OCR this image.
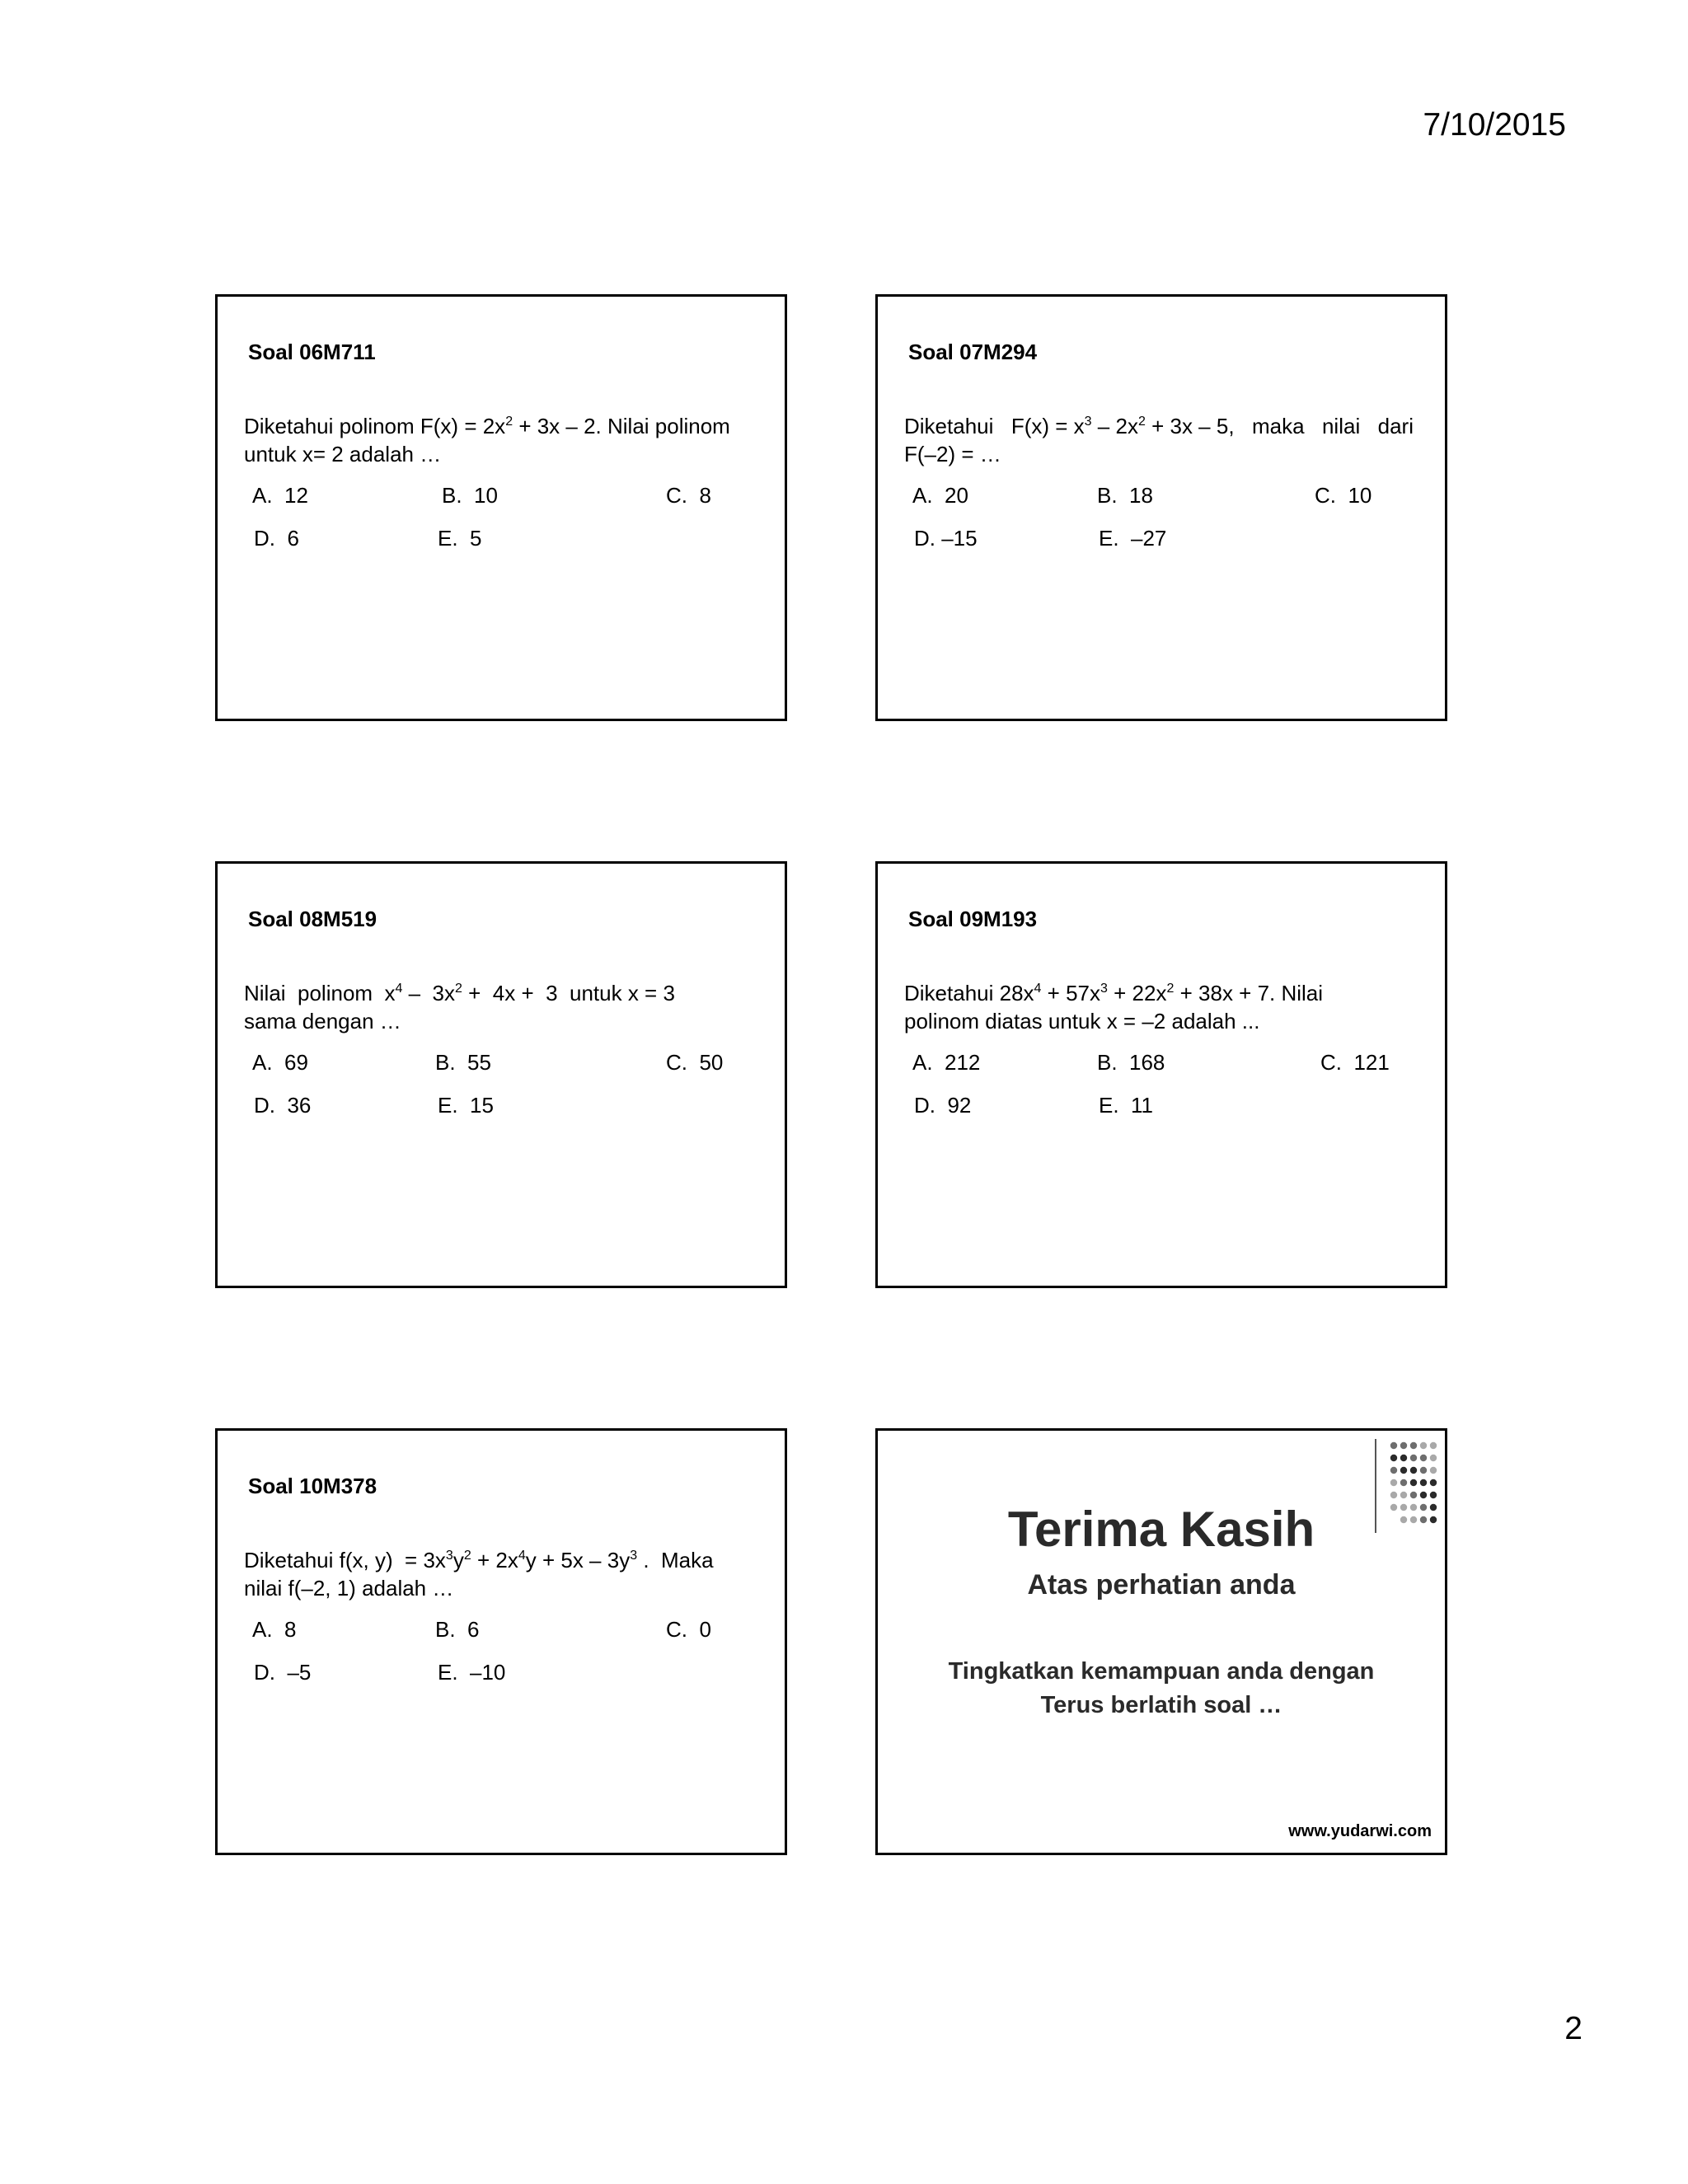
7/10/2015
Soal 06M711
Diketahui polinom $F(x) = 2x^2 + 3x - 2$. Nilai polinom
untuk x= 2 adalah …
A.  12	B.  10	C.  8
D.  6	E.  5
Soal 07M294
Diketahui $F(x) = x^3 - 2x^2 + 3x - 5$, maka nilai dari
F(–2) = …
A.  20	B.  18	C.  10
D. –15	E.  –27
Soal 08M519
Nilai  polinom  $x^4 - 3x^2 + 4x + 3$  untuk x = 3
sama dengan …
A.  69	B.  55	C.  50
D.  36	E.  15
Soal 09M193
Diketahui $28x^4 + 57x^3 + 22x^2 + 38x + 7$. Nilai
polinom diatas untuk x = –2 adalah ...
A.  212	B.  168	C.  121
D.  92	E.  11
Soal 10M378
Diketahui f(x, $y) = 3x^3y^2 + 2x^4y + 5x - 3y^3$ .  Maka
nilai f(–2, 1) adalah …
A.  8	B.  6	C.  0
D.  –5	E.  –10
Terima Kasih
Atas perhatian anda
Tingkatkan kemampuan anda dengan
Terus berlatih soal …
www.yudarwi.com
2
